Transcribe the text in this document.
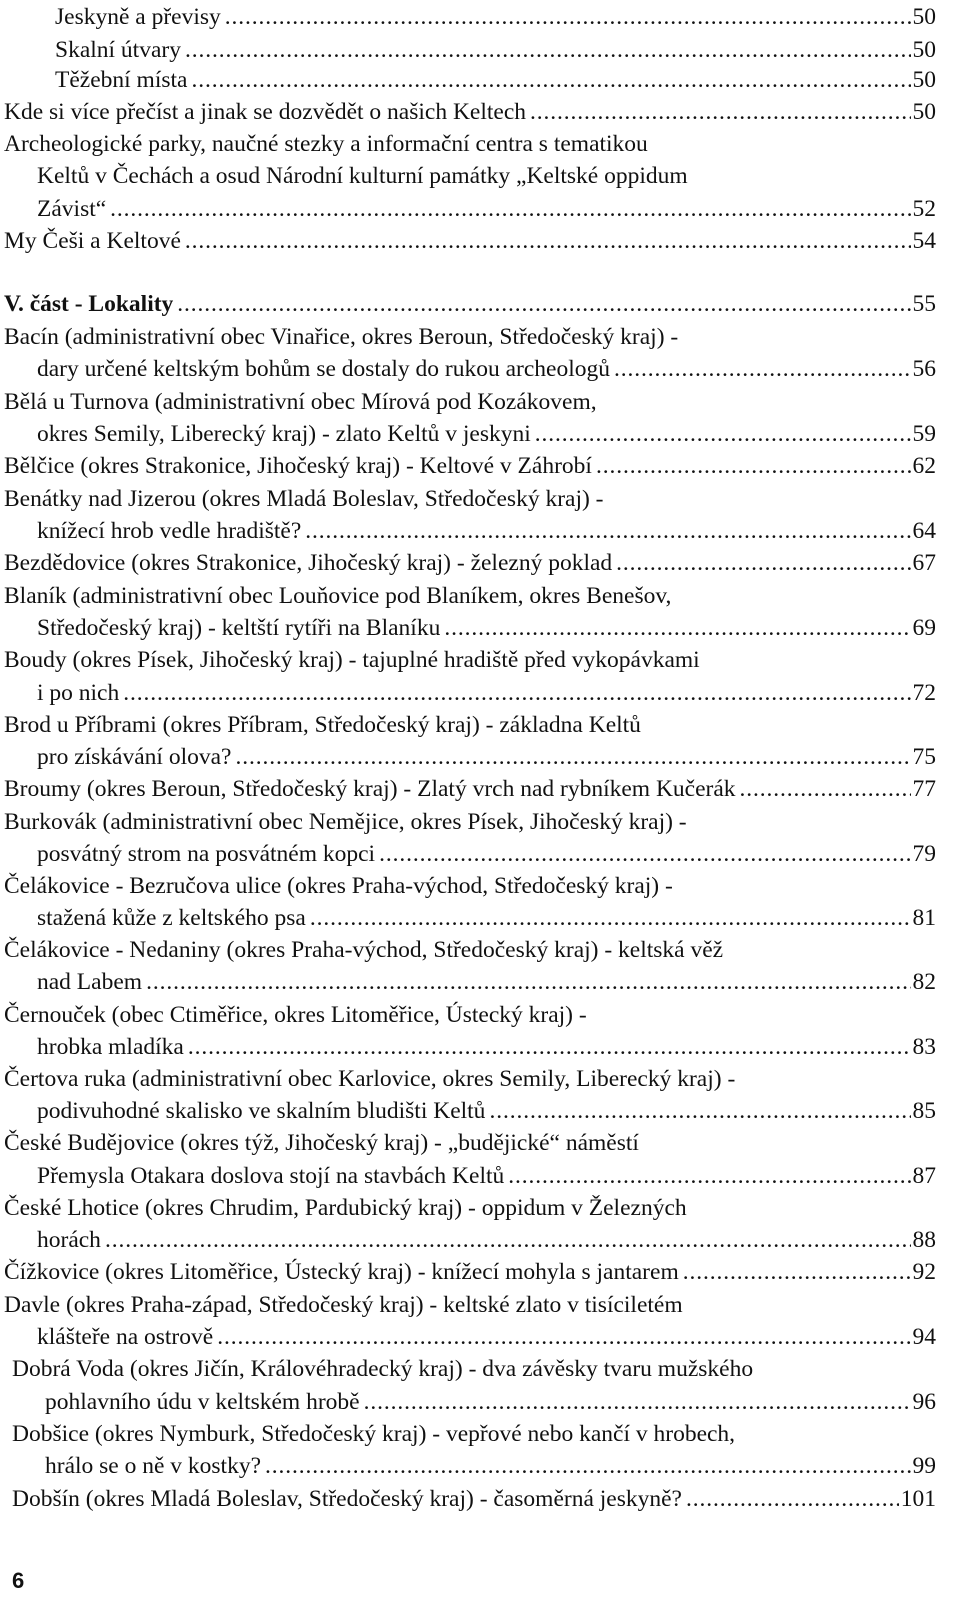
Jeskyně a převisy . . .	50
Skalní útvary . . .	50
Těžební místa . . .	50
Kde si více přečíst a jinak se dozvědět o našich Keltech . . .	50
Archeologické parky, naučné stezky a informační centra s tematikou
Keltů v Čechách a osud Národní kulturní památky „Keltské oppidum
Závist“ . . .	52
My Češi a Keltové . . .	54
V. část - Lokality . . .	55
Bacín (administrativní obec Vinařice, okres Beroun, Středočeský kraj) -
dary určené keltským bohům se dostaly do rukou archeologů . . .	56
Bělá u Turnova (administrativní obec Mírová pod Kozákovem,
okres Semily, Liberecký kraj) - zlato Keltů v jeskyni . . .	59
Bělčice (okres Strakonice, Jihočeský kraj) - Keltové v Záhrobí . . .	62
Benátky nad Jizerou (okres Mladá Boleslav, Středočeský kraj) -
knížecí hrob vedle hradiště? . . .	64
Bezdědovice (okres Strakonice, Jihočeský kraj) - železný poklad . . .	67
Blaník (administrativní obec Louňovice pod Blaníkem, okres Benešov,
Středočeský kraj) - keltští rytíři na Blaníku . . .	69
Boudy (okres Písek, Jihočeský kraj) - tajuplné hradiště před vykopávkami
i po nich . . .	72
Brod u Příbrami (okres Příbram, Středočeský kraj) - základna Keltů
pro získávání olova? . . .	75
Broumy (okres Beroun, Středočeský kraj) - Zlatý vrch nad rybníkem Kučerák . . .	77
Burkovák (administrativní obec Nemějice, okres Písek, Jihočeský kraj) -
posvátný strom na posvátném kopci . . .	79
Čelákovice - Bezručova ulice (okres Praha-východ, Středočeský kraj) -
stažená kůže z keltského psa . . .	81
Čelákovice - Nedaniny (okres Praha-východ, Středočeský kraj) - keltská věž
nad Labem . . .	82
Černouček (obec Ctiměřice, okres Litoměřice, Ústecký kraj) -
hrobka mladíka . . .	83
Čertova ruka (administrativní obec Karlovice, okres Semily, Liberecký kraj) -
podivuhodné skalisko ve skalním bludišti Keltů . . .	85
České Budějovice (okres týž, Jihočeský kraj) - „budějické“ náměstí
Přemysla Otakara doslova stojí na stavbách Keltů . . .	87
České Lhotice (okres Chrudim, Pardubický kraj) - oppidum v Železných
horách . . .	88
Čížkovice (okres Litoměřice, Ústecký kraj) - knížecí mohyla s jantarem . . .	92
Davle (okres Praha-západ, Středočeský kraj) - keltské zlato v tisíciletém
klášteře na ostrově . . .	94
Dobrá Voda (okres Jičín, Královéhradecký kraj) - dva závěsky tvaru mužského
pohlavního údu v keltském hrobě . . .	96
Dobšice (okres Nymburk, Středočeský kraj) - vepřové nebo kančí v hrobech,
hrálo se o ně v kostky? . . .	99
Dobšín (okres Mladá Boleslav, Středočeský kraj) - časoměrná jeskyně? . . .	101
6
